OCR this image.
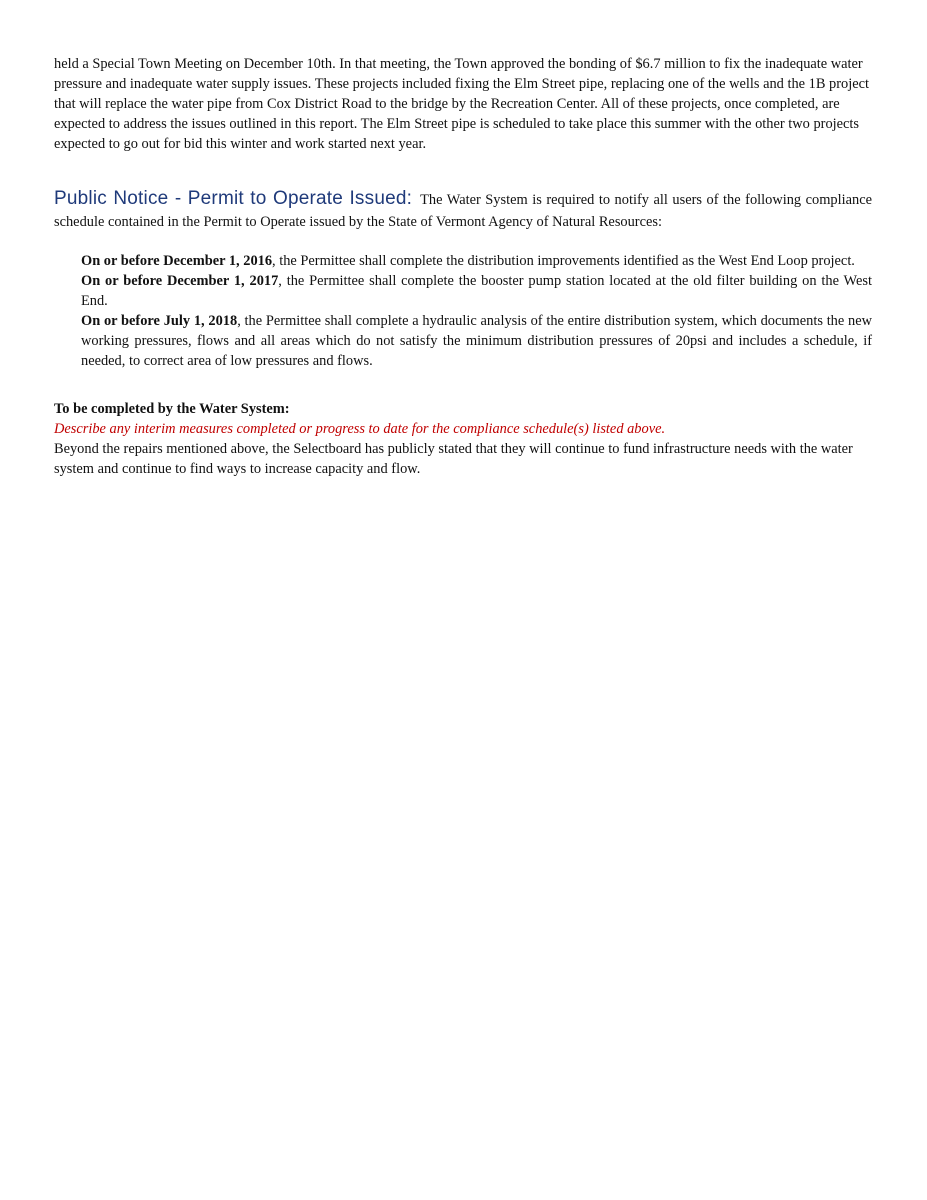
held a Special Town Meeting on December 10th. In that meeting, the Town approved the bonding of $6.7 million to fix the inadequate water pressure and inadequate water supply issues. These projects included fixing the Elm Street pipe, replacing one of the wells and the 1B project that will replace the water pipe from Cox District Road to the bridge by the Recreation Center. All of these projects, once completed, are expected to address the issues outlined in this report. The Elm Street pipe is scheduled to take place this summer with the other two projects expected to go out for bid this winter and work started next year.

Public Notice - Permit to Operate Issued: The Water System is required to notify all users of the following compliance schedule contained in the Permit to Operate issued by the State of Vermont Agency of Natural Resources:

On or before December 1, 2016, the Permittee shall complete the distribution improvements identified as the West End Loop project.

On or before December 1, 2017, the Permittee shall complete the booster pump station located at the old filter building on the West End.

On or before July 1, 2018, the Permittee shall complete a hydraulic analysis of the entire distribution system, which documents the new working pressures, flows and all areas which do not satisfy the minimum distribution pressures of 20psi and includes a schedule, if needed, to correct area of low pressures and flows.

To be completed by the Water System:

Describe any interim measures completed or progress to date for the compliance schedule(s) listed above.

Beyond the repairs mentioned above, the Selectboard has publicly stated that they will continue to fund infrastructure needs with the water system and continue to find ways to increase capacity and flow.
